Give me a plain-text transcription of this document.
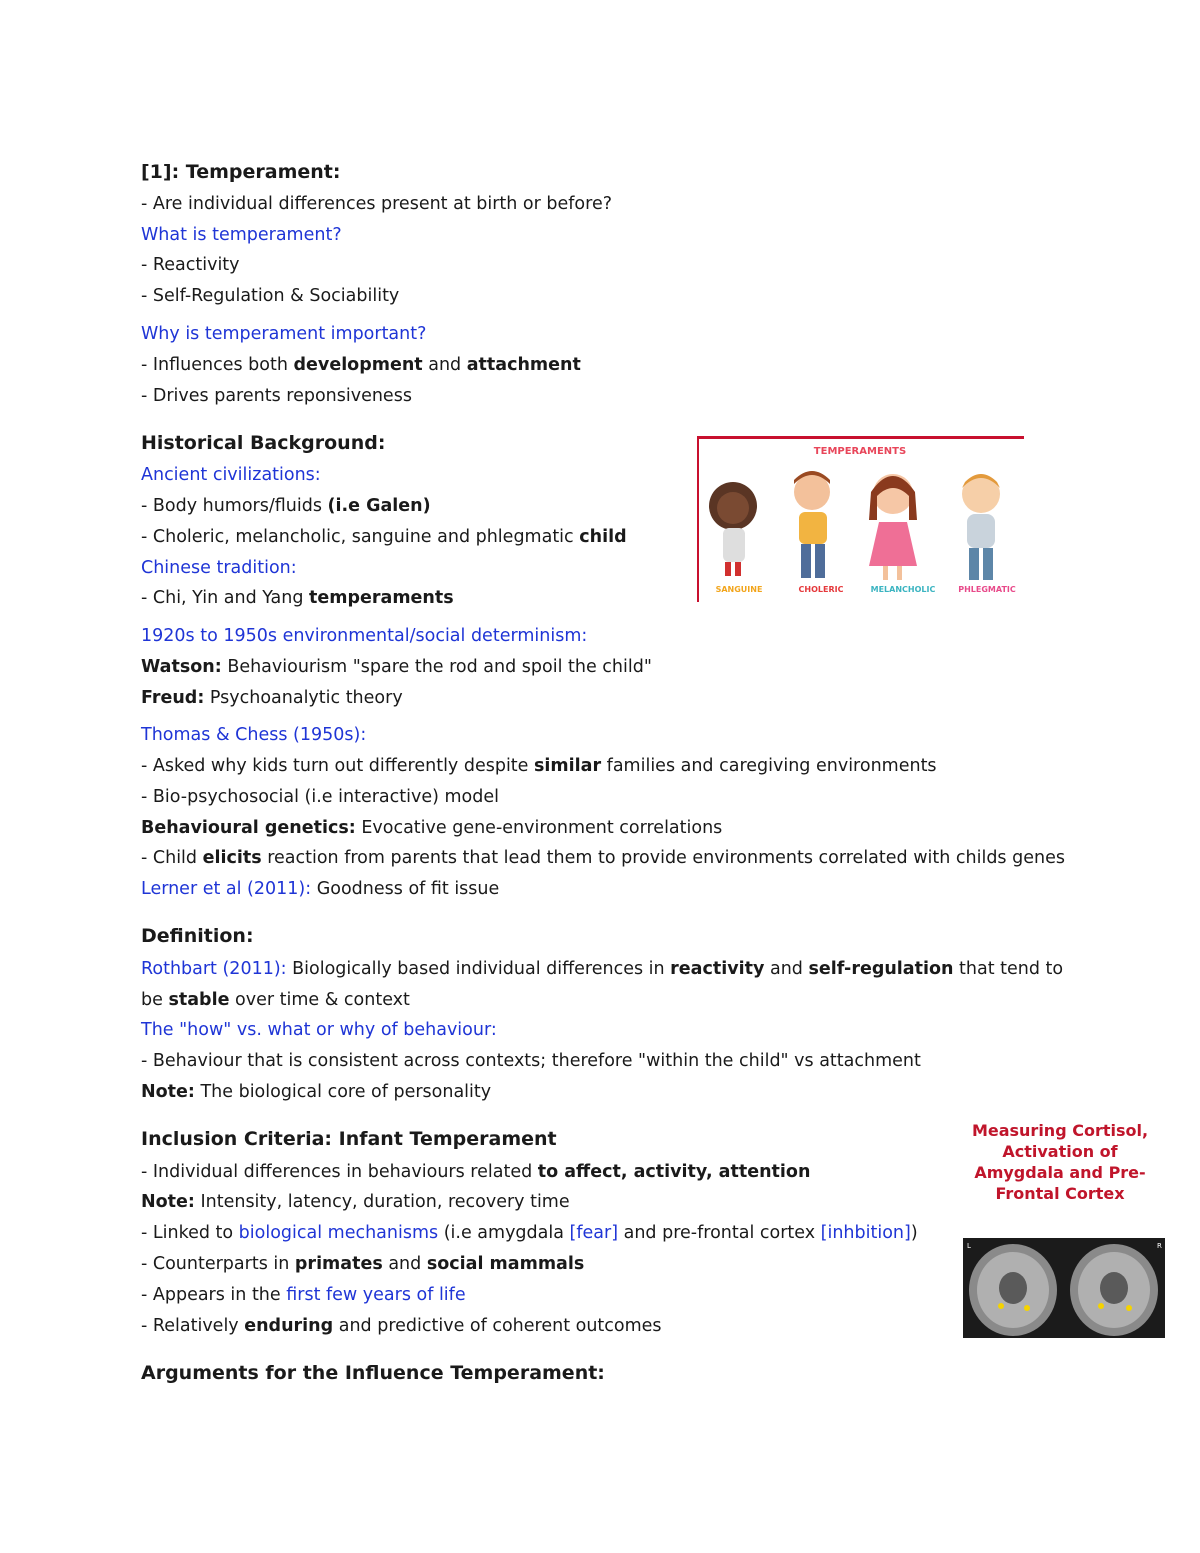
[1]: Temperament:
- Are individual differences present at birth or before?
What is temperament?
- Reactivity
- Self-Regulation & Sociability
Why is temperament important?
- Influences both development and attachment
- Drives parents reponsiveness
Historical Background:
Ancient civilizations:
- Body humors/fluids (i.e Galen)
- Choleric, melancholic, sanguine and phlegmatic child
Chinese tradition:
- Chi, Yin and Yang temperaments
1920s to 1950s environmental/social determinism:
Watson: Behaviourism "spare the rod and spoil the child"
Freud: Psychoanalytic theory
Thomas & Chess (1950s):
- Asked why kids turn out differently despite similar families and caregiving environments
- Bio-psychosocial (i.e interactive) model
Behavioural genetics: Evocative gene-environment correlations
- Child elicits reaction from parents that lead them to provide environments correlated with childs genes
Lerner et al (2011): Goodness of fit issue
Definition:
Rothbart (2011): Biologically based individual differences in reactivity and self-regulation that tend to
be stable over time & context
The "how" vs. what or why of behaviour:
- Behaviour that is consistent across contexts; therefore "within the child" vs attachment
Note: The biological core of personality
Inclusion Criteria: Infant Temperament
- Individual differences in behaviours related to affect, activity, attention
Note: Intensity, latency, duration, recovery time
- Linked to biological mechanisms (i.e amygdala [fear] and pre-frontal cortex [inhbition])
- Counterparts in primates and social mammals
- Appears in the first few years of life
- Relatively enduring and predictive of coherent outcomes
Arguments for the Influence Temperament:
TEMPERAMENTS
SANGUINE	CHOLERIC	MELANCHOLIC	PHLEGMATIC
Measuring Cortisol,
Activation of
Amygdala and Pre-
Frontal Cortex
L	R
